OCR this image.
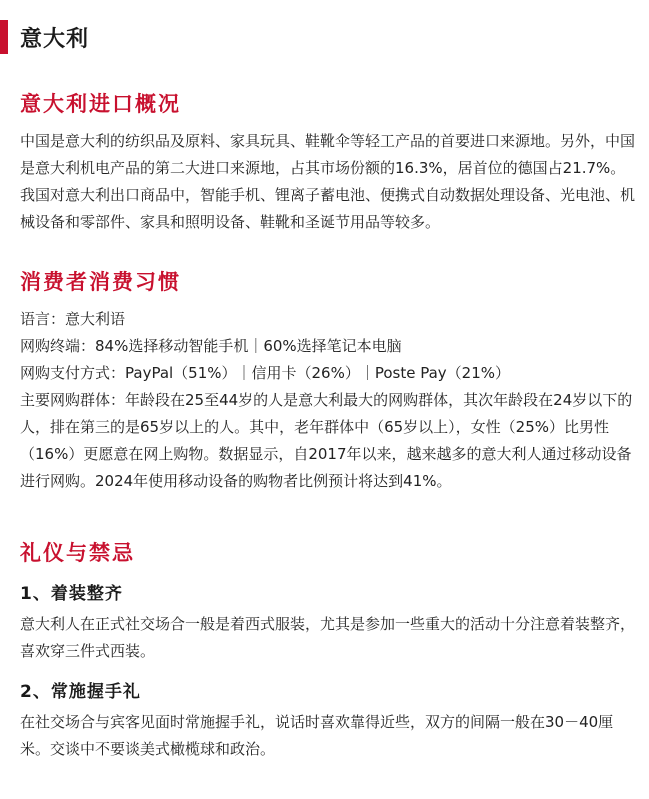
意大利
意大利进口概况

中国是意大利的纺织品及原料、家具玩具、鞋靴伞等轻工产品的首要进口来源地。另外，中国是意大利机电产品的第二大进口来源地，占其市场份额的16.3%，居首位的德国占21.7%。我国对意大利出口商品中，智能手机、锂离子蓄电池、便携式自动数据处理设备、光电池、机械设备和零部件、家具和照明设备、鞋靴和圣诞节用品等较多。

消费者消费习惯

语言：意大利语

网购终端：84%选择移动智能手机｜60%选择笔记本电脑

网购支付方式：PayPal（51%）｜信用卡（26%）｜Poste Pay（21%）

主要网购群体：年龄段在25至44岁的人是意大利最大的网购群体，其次年龄段在24岁以下的人，排在第三的是65岁以上的人。其中，老年群体中（65岁以上），女性（25%）比男性（16%）更愿意在网上购物。数据显示，自2017年以来，越来越多的意大利人通过移动设备进行网购。2024年使用移动设备的购物者比例预计将达到41%。

礼仪与禁忌
1、着装整齐

意大利人在正式社交场合一般是着西式服装，尤其是参加一些重大的活动十分注意着装整齐，喜欢穿三件式西装。

2、常施握手礼

在社交场合与宾客见面时常施握手礼，说话时喜欢靠得近些，双方的间隔一般在30－40厘米。交谈中不要谈美式橄榄球和政治。
